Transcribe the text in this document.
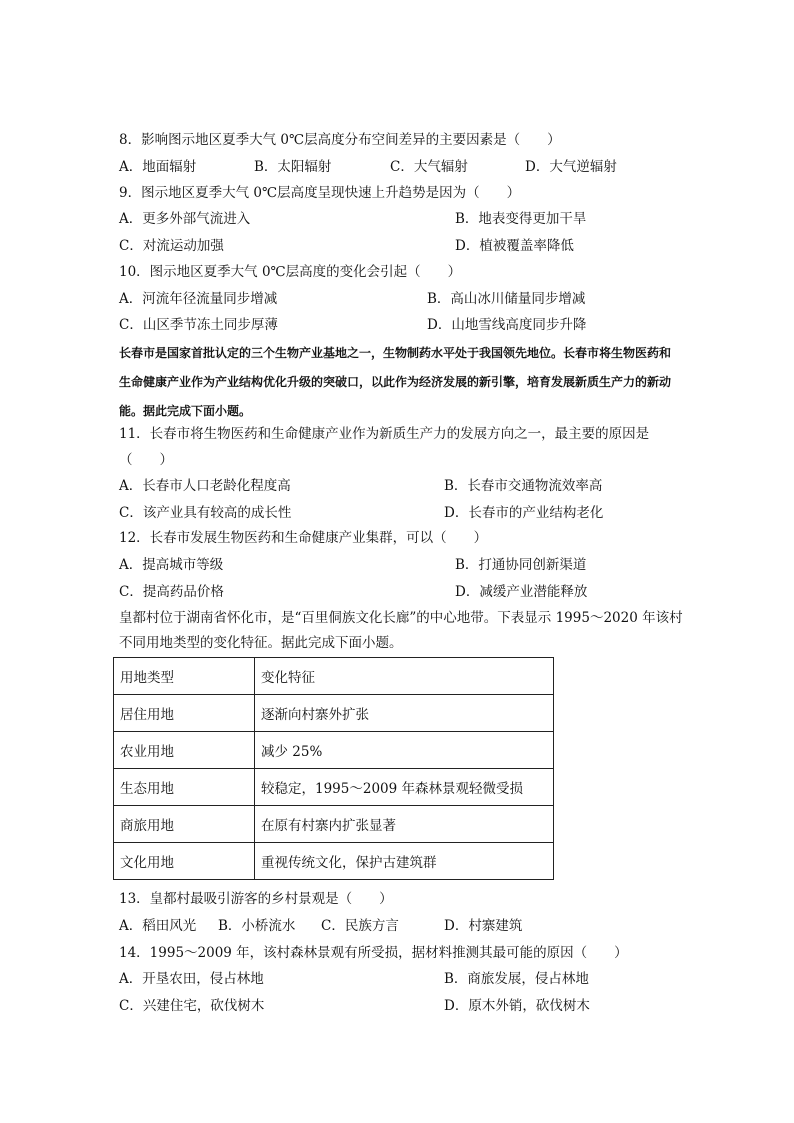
8．影响图示地区夏季大气 0℃层高度分布空间差异的主要因素是（　　）
A．地面辐射	B．太阳辐射	C．大气辐射	D．大气逆辐射
9．图示地区夏季大气 0℃层高度呈现快速上升趋势是因为（　　）
A．更多外部气流进入	B．地表变得更加干旱
C．对流运动加强	D．植被覆盖率降低
10．图示地区夏季大气 0℃层高度的变化会引起（　　）
A．河流年径流量同步增减	B．高山冰川储量同步增减
C．山区季节冻土同步厚薄	D．山地雪线高度同步升降
长春市是国家首批认定的三个生物产业基地之一，生物制药水平处于我国领先地位。长春市将生物医药和生命健康产业作为产业结构优化升级的突破口，以此作为经济发展的新引擎，培育发展新质生产力的新动能。据此完成下面小题。
11．长春市将生物医药和生命健康产业作为新质生产力的发展方向之一，最主要的原因是
（　　）
A．长春市人口老龄化程度高	B．长春市交通物流效率高
C．该产业具有较高的成长性	D．长春市的产业结构老化
12．长春市发展生物医药和生命健康产业集群，可以（　　）
A．提高城市等级	B．打通协同创新渠道
C．提高药品价格	D．减缓产业潜能释放
皇都村位于湖南省怀化市，是“百里侗族文化长廊”的中心地带。下表显示 1995～2020 年该村不同用地类型的变化特征。据此完成下面小题。
用地类型	变化特征
居住用地	逐渐向村寨外扩张
农业用地	减少 25%
生态用地	较稳定，1995～2009 年森林景观轻微受损
商旅用地	在原有村寨内扩张显著
文化用地	重视传统文化，保护古建筑群
13．皇都村最吸引游客的乡村景观是（　　）
A．稻田风光 B．小桥流水 C．民族方言	D．村寨建筑
14．1995～2009 年，该村森林景观有所受损，据材料推测其最可能的原因（　　）
A．开垦农田，侵占林地	B．商旅发展，侵占林地
C．兴建住宅，砍伐树木	D．原木外销，砍伐树木
